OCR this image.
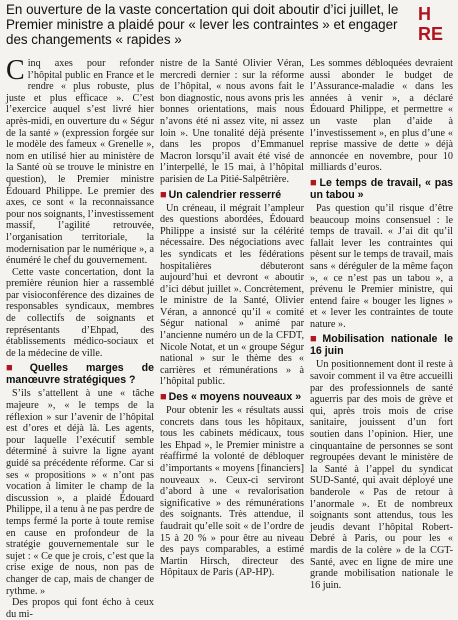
En ouverture de la vaste concertation qui doit aboutir d’ici juillet, le Premier ministre a plaidé pour « lever les contraintes » et engager des changements « rapides »
H
RE

Cinq axes pour refonder l’hôpital public en France et le rendre « plus robuste, plus juste et plus efficace ». C’est l’exercice auquel s’est livré hier après-midi, en ouverture du « Ségur de la santé » (expression forgée sur le modèle des fameux « Grenelle », nom en utilisé hier au ministère de la Santé où se trouve le ministre en question), le Premier ministre Édouard Philippe. Le premier des axes, ce sont « la reconnaissance pour nos soignants, l’investissement massif, l’agilité retrouvée, l’organisation territoriale, la modernisation par le numérique », a énuméré le chef du gouvernement.

Cette vaste concertation, dont la première réunion hier a rassemblé par visioconférence des dizaines de responsables syndicaux, membres de collectifs de soignants et représentants d’Ehpad, des établissements médico-sociaux et de la médecine de ville.

■ Quelles marges de manœuvre stratégiques ?

S’ils s’attellent à une « tâche majeure », « le temps de la réflexion » sur l’avenir de l’hôpital est d’ores et déjà là. Les agents, pour laquelle l’exécutif semble déterminé à suivre la ligne ayant guidé sa précédente réforme. Car si ses « propositions » « n’ont pas vocation à limiter le champ de la discussion », a plaidé Édouard Philippe, il a tenu à ne pas perdre de temps fermé la porte à toute remise en cause en profondeur de la stratégie gouvernementale sur le sujet : « Ce que je crois, c’est que la crise exige de nous, non pas de changer de cap, mais de changer de rythme. »

Des propos qui font écho à ceux du mi-

nistre de la Santé Olivier Véran, mercredi dernier : sur la réforme de l’hôpital, « nous avons fait le bon diagnostic, nous avons pris les bonnes orientations, mais nous n’avons été ni assez vite, ni assez loin ». Une tonalité déjà présente dans les propos d’Emmanuel Macron lorsqu’il avait été visé de l’interpellé, le 15 mai, à l’hôpital parisien de La Pitié-Salpêtrière.

■ Un calendrier resserré

Un créneau, il mégrait l’ampleur des questions abordées, Édouard Philippe a insisté sur la célérité nécessaire. Des négociations avec les syndicats et les fédérations hospitalières débuteront aujourd’hui et devront « aboutir d’ici début juillet ». Concrètement, le ministre de la Santé, Olivier Véran, a annoncé qu’il « comité Ségur national » animé par l’ancienne numéro un de la CFDT, Nicole Notat, et un « groupe Ségur national » sur le thème des « carrières et rémunérations » à l’hôpital public.

■ Des « moyens nouveaux »

Pour obtenir les « résultats aussi concrets dans tous les hôpitaux, tous les cabinets médicaux, tous les Ehpad », le Premier ministre a réaffirmé la volonté de débloquer d’importants « moyens [financiers] nouveaux ». Ceux-ci serviront d’abord à une « revalorisation significative » des rémunérations des soignants. Très attendue, il faudrait qu’elle soit « de l’ordre de 15 à 20 % » pour être au niveau des pays comparables, a estimé Martin Hirsch, directeur des Hôpitaux de Paris (AP-HP).

Les sommes débloquées devraient aussi abonder le budget de l’Assurance-maladie « dans les années à venir », a déclaré Édouard Philippe, et permettre « un vaste plan d’aide à l’investissement », en plus d’une « reprise massive de dette » déjà annoncée en novembre, pour 10 milliards d’euros.

■ Le temps de travail, « pas un tabou »

Pas question qu’il risque d’être beaucoup moins consensuel : le temps de travail. « J’ai dit qu’il fallait lever les contraintes qui pèsent sur le temps de travail, mais sans « déréguler de la même façon », « ce n’est pas un tabou », a prévenu le Premier ministre, qui entend faire « bouger les lignes » et « lever les contraintes de toute nature ».

■ Mobilisation nationale le 16 juin

Un positionnement dont il reste à savoir comment il va être accueilli par des professionnels de santé aguerris par des mois de grève et qui, après trois mois de crise sanitaire, jouissent d’un fort soutien dans l’opinion. Hier, une cinquantaine de personnes se sont regroupées devant le ministère de la Santé à l’appel du syndicat SUD-Santé, qui avait déployé une banderole « Pas de retour à l’anormale ». Et de nombreux soignants sont attendus, tous les jeudis devant l’hôpital Robert-Debré à Paris, ou pour les « mardis de la colère » de la CGT-Santé, avec en ligne de mire une grande mobilisation nationale le 16 juin.
